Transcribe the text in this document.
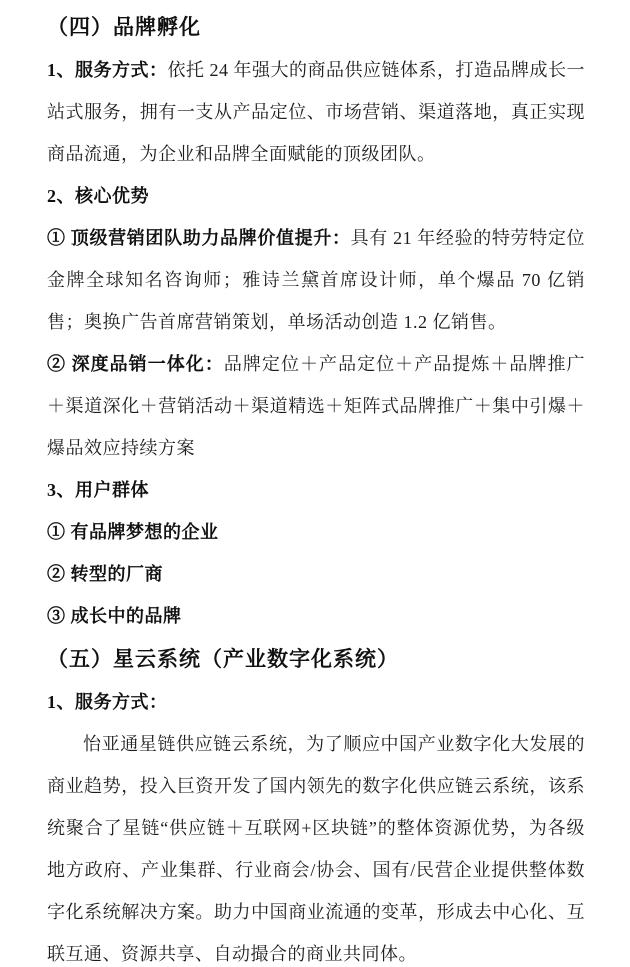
（四）品牌孵化

1、服务方式：依托 24 年强大的商品供应链体系，打造品牌成长一站式服务，拥有一支从产品定位、市场营销、渠道落地，真正实现商品流通，为企业和品牌全面赋能的顶级团队。

2、核心优势

① 顶级营销团队助力品牌价值提升：具有 21 年经验的特劳特定位金牌全球知名咨询师；雅诗兰黛首席设计师，单个爆品 70 亿销售；奥换广告首席营销策划，单场活动创造 1.2 亿销售。

② 深度品销一体化：品牌定位＋产品定位＋产品提炼＋品牌推广＋渠道深化＋营销活动＋渠道精选＋矩阵式品牌推广＋集中引爆＋爆品效应持续方案

3、用户群体

① 有品牌梦想的企业

② 转型的厂商

③ 成长中的品牌

（五）星云系统（产业数字化系统）

1、服务方式：

怡亚通星链供应链云系统，为了顺应中国产业数字化大发展的商业趋势，投入巨资开发了国内领先的数字化供应链云系统，该系统聚合了星链“供应链＋互联网+区块链”的整体资源优势，为各级地方政府、产业集群、行业商会/协会、国有/民营企业提供整体数字化系统解决方案。助力中国商业流通的变革，形成去中心化、互联互通、资源共享、自动撮合的商业共同体。
